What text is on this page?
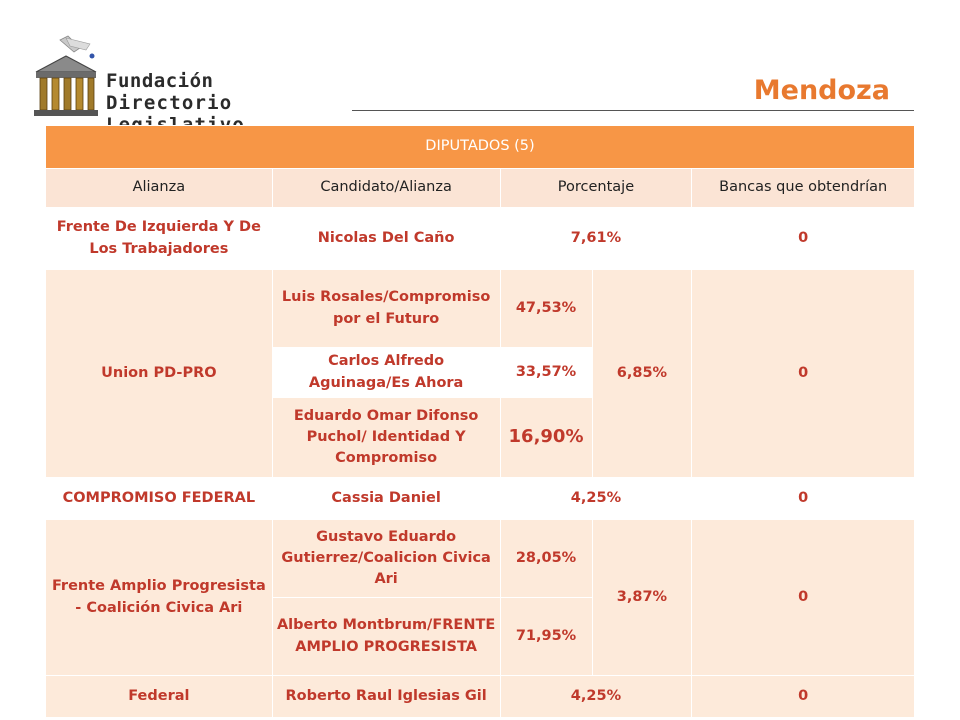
Fundación
Directorio	Mendoza
DIPUTADOS (5)				
Alianza	Candidato/Alianza	Porcentaje		Bancas que obtendrían
Frente De Izquierda Y De Los Trabajadores	Nicolas Del Caño	7,61%		0
Union PD-PRO	Luis Rosales/Compromiso por el Futuro	47,53%	6,85%	0
	Carlos Alfredo Aguinaga/Es Ahora	33,57%		
	Eduardo Omar Difonso Puchol/ Identidad Y Compromiso	16,90%		
COMPROMISO FEDERAL	Cassia Daniel	4,25%		0
Frente Amplio Progresista - Coalición Civica Ari	Gustavo Eduardo Gutierrez/Coalicion Civica Ari	28,05%	3,87%	0
	Alberto Montbrum/FRENTE AMPLIO PROGRESISTA	71,95%		
Federal	Roberto Raul Iglesias Gil	4,25%		0
